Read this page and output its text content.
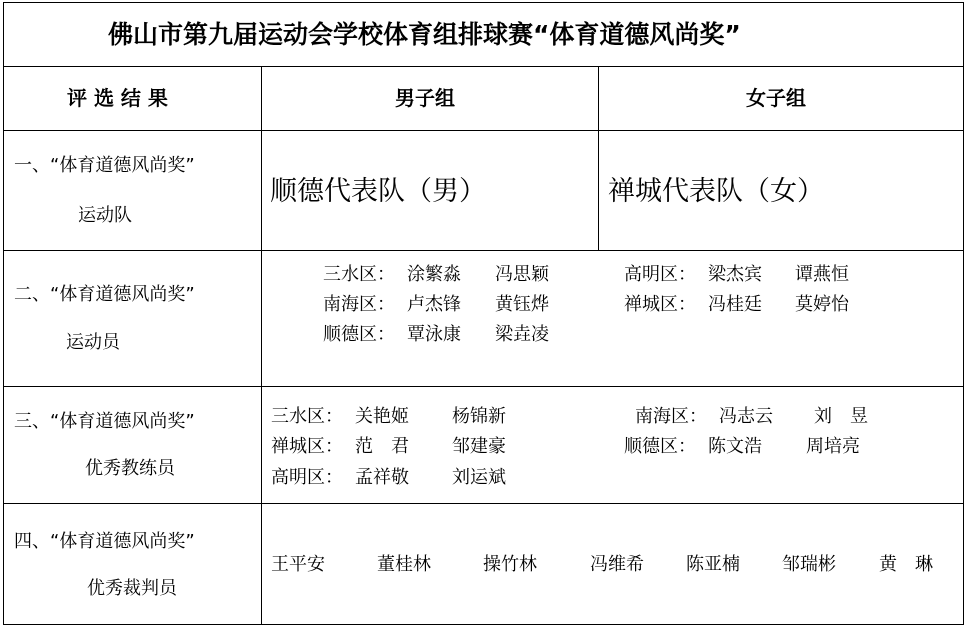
佛山市第九届运动会学校体育组排球赛“体育道德风尚奖”
评 选 结 果	男子组	女子组
一、“体育道德风尚奖”
运动队
顺德代表队（男）	禅城代表队（女）
二、“体育道德风尚奖”
运动员
三水区： 涂繁淼 冯思颖
南海区： 卢杰锋 黄钰烨
顺德区： 覃泳康 梁垚凌
高明区： 梁杰宾 谭燕恒
禅城区： 冯桂廷 莫婷怡
三、“体育道德风尚奖”
优秀教练员
三水区： 关艳姬 杨锦新
禅城区： 范　君 邹建豪
高明区： 孟祥敬 刘运斌
南海区： 冯志云 刘　昱
顺德区： 陈文浩 周培亮
四、“体育道德风尚奖”
优秀裁判员
王平安	董桂林	操竹林	冯维希 陈亚楠 邹瑞彬 黄　琳
